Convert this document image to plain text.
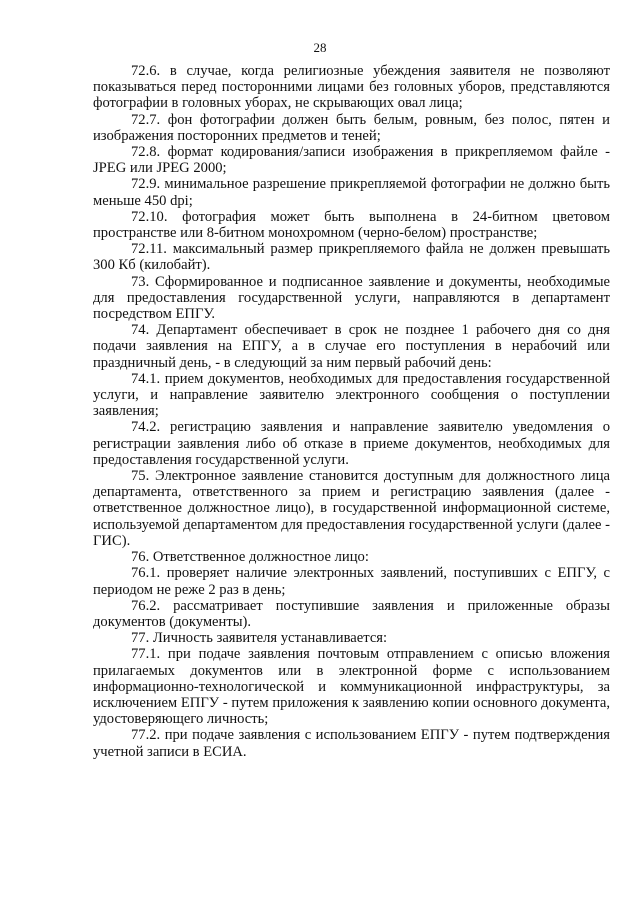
28

72.6. в случае, когда религиозные убеждения заявителя не позволяют показываться перед посторонними лицами без головных уборов, представляются фотографии в головных уборах, не скрывающих овал лица;

72.7. фон фотографии должен быть белым, ровным, без полос, пятен и изображения посторонних предметов и теней;

72.8. формат кодирования/записи изображения в прикрепляемом файле - JPEG или JPEG 2000;

72.9. минимальное разрешение прикрепляемой фотографии не должно быть меньше 450 dpi;

72.10. фотография может быть выполнена в 24-битном цветовом пространстве или 8-битном монохромном (черно-белом) пространстве;

72.11. максимальный размер прикрепляемого файла не должен превышать 300 Кб (килобайт).

73. Сформированное и подписанное заявление и документы, необходимые для предоставления государственной услуги, направляются в департамент посредством ЕПГУ.

74. Департамент обеспечивает в срок не позднее 1 рабочего дня со дня подачи заявления на ЕПГУ, а в случае его поступления в нерабочий или праздничный день, - в следующий за ним первый рабочий день:

74.1. прием документов, необходимых для предоставления государственной услуги, и направление заявителю электронного сообщения о поступлении заявления;

74.2. регистрацию заявления и направление заявителю уведомления о регистрации заявления либо об отказе в приеме документов, необходимых для предоставления государственной услуги.

75. Электронное заявление становится доступным для должностного лица департамента, ответственного за прием и регистрацию заявления (далее - ответственное должностное лицо), в государственной информационной системе, используемой департаментом для предоставления государственной услуги (далее - ГИС).

76. Ответственное должностное лицо:

76.1. проверяет наличие электронных заявлений, поступивших с ЕПГУ, с периодом не реже 2 раз в день;

76.2. рассматривает поступившие заявления и приложенные образы документов (документы).

77. Личность заявителя устанавливается:

77.1. при подаче заявления почтовым отправлением с описью вложения прилагаемых документов или в электронной форме с использованием информационно-технологической и коммуникационной инфраструктуры, за исключением ЕПГУ - путем приложения к заявлению копии основного документа, удостоверяющего личность;

77.2. при подаче заявления с использованием ЕПГУ - путем подтверждения учетной записи в ЕСИА.
